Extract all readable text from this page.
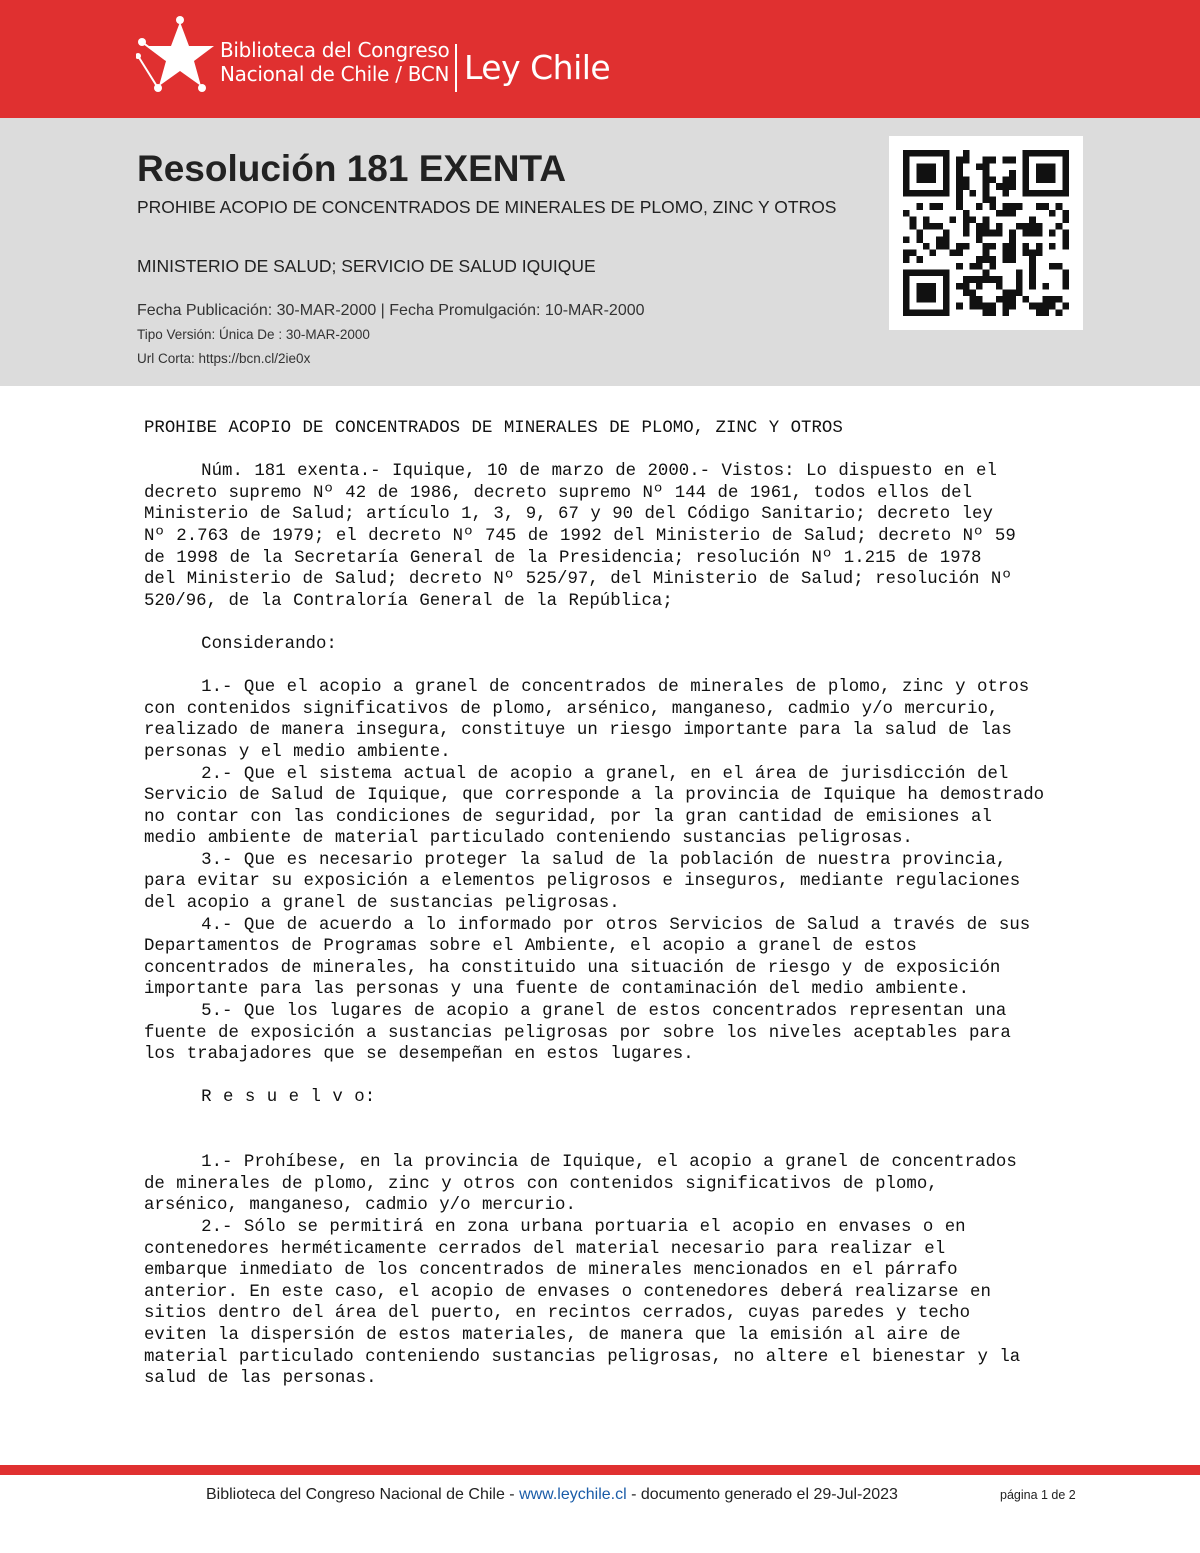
Biblioteca del Congreso
Nacional de Chile / BCN Ley Chile
Resolución 181 EXENTA
PROHIBE ACOPIO DE CONCENTRADOS DE MINERALES DE PLOMO, ZINC Y OTROS
MINISTERIO DE SALUD; SERVICIO DE SALUD IQUIQUE
Fecha Publicación: 30-MAR-2000 | Fecha Promulgación: 10-MAR-2000
Tipo Versión: Única De : 30-MAR-2000
Url Corta: https://bcn.cl/2ie0x

PROHIBE ACOPIO DE CONCENTRADOS DE MINERALES DE PLOMO, ZINC Y OTROS

Núm. 181 exenta.- Iquique, 10 de marzo de 2000.- Vistos: Lo dispuesto en el

decreto supremo Nº 42 de 1986, decreto supremo Nº 144 de 1961, todos ellos del

Ministerio de Salud; artículo 1, 3, 9, 67 y 90 del Código Sanitario; decreto ley

Nº 2.763 de 1979; el decreto Nº 745 de 1992 del Ministerio de Salud; decreto Nº 59

de 1998 de la Secretaría General de la Presidencia; resolución Nº 1.215 de 1978

del Ministerio de Salud; decreto Nº 525/97, del Ministerio de Salud; resolución Nº

520/96, de la Contraloría General de la República;

Considerando:

1.- Que el acopio a granel de concentrados de minerales de plomo, zinc y otros

con contenidos significativos de plomo, arsénico, manganeso, cadmio y/o mercurio,

realizado de manera insegura, constituye un riesgo importante para la salud de las

personas y el medio ambiente.

2.- Que el sistema actual de acopio a granel, en el área de jurisdicción del

Servicio de Salud de Iquique, que corresponde a la provincia de Iquique ha demostrado

no contar con las condiciones de seguridad, por la gran cantidad de emisiones al

medio ambiente de material particulado conteniendo sustancias peligrosas.

3.- Que es necesario proteger la salud de la población de nuestra provincia,

para evitar su exposición a elementos peligrosos e inseguros, mediante regulaciones

del acopio a granel de sustancias peligrosas.

4.- Que de acuerdo a lo informado por otros Servicios de Salud a través de sus

Departamentos de Programas sobre el Ambiente, el acopio a granel de estos

concentrados de minerales, ha constituido una situación de riesgo y de exposición

importante para las personas y una fuente de contaminación del medio ambiente.

5.- Que los lugares de acopio a granel de estos concentrados representan una

fuente de exposición a sustancias peligrosas por sobre los niveles aceptables para

los trabajadores que se desempeñan en estos lugares.

R e s u e l v o:

1.- Prohíbese, en la provincia de Iquique, el acopio a granel de concentrados

de minerales de plomo, zinc y otros con contenidos significativos de plomo,

arsénico, manganeso, cadmio y/o mercurio.

2.- Sólo se permitirá en zona urbana portuaria el acopio en envases o en

contenedores herméticamente cerrados del material necesario para realizar el

embarque inmediato de los concentrados de minerales mencionados en el párrafo

anterior. En este caso, el acopio de envases o contenedores deberá realizarse en

sitios dentro del área del puerto, en recintos cerrados, cuyas paredes y techo

eviten la dispersión de estos materiales, de manera que la emisión al aire de

material particulado conteniendo sustancias peligrosas, no altere el bienestar y la

salud de las personas.

Biblioteca del Congreso Nacional de Chile - www.leychile.cl - documento generado el 29-Jul-2023	página 1 de 2
